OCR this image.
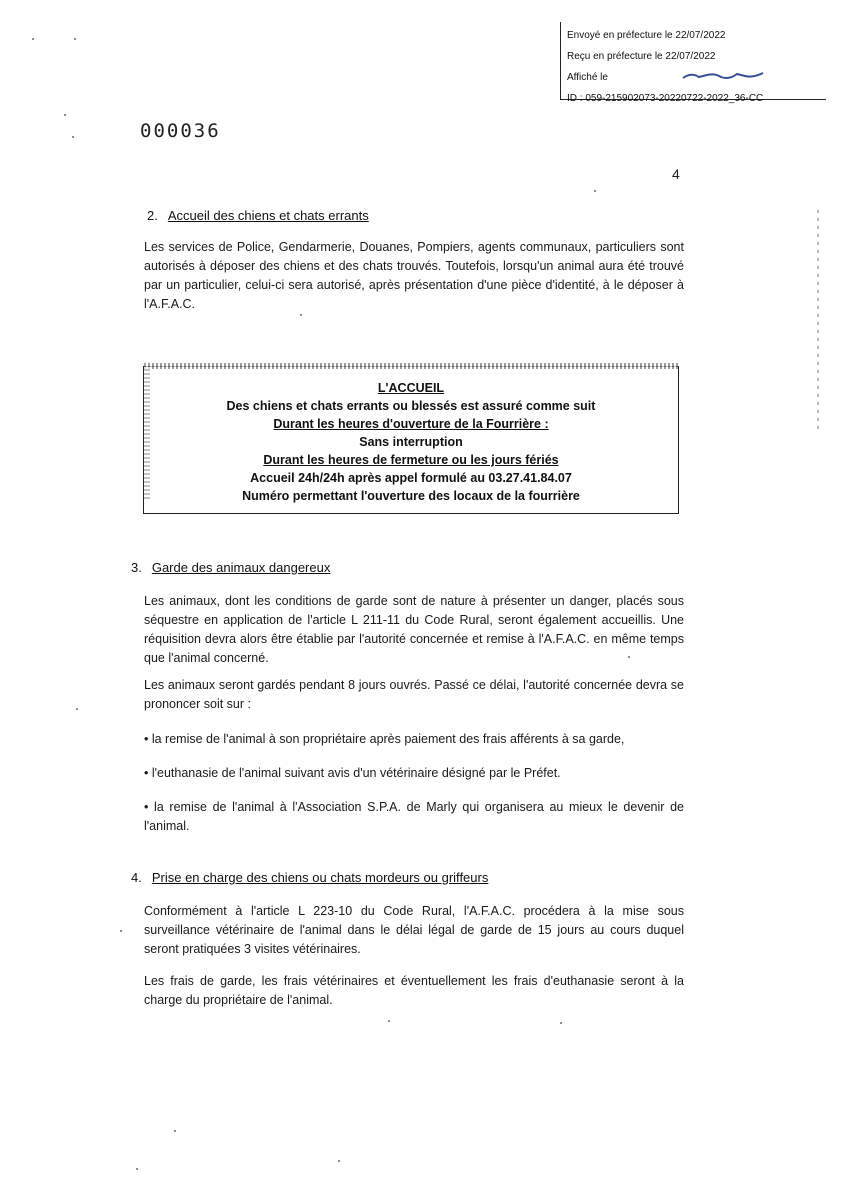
Envoyé en préfecture le 22/07/2022
Reçu en préfecture le 22/07/2022
Affiché le
ID : 059-215902073-20220722-2022_36-CC
000036
4
2. Accueil des chiens et chats errants
Les services de Police, Gendarmerie, Douanes, Pompiers, agents communaux, particuliers sont autorisés à déposer des chiens et des chats trouvés. Toutefois, lorsqu'un animal aura été trouvé par un particulier, celui-ci sera autorisé, après présentation d'une pièce d'identité, à le déposer à l'A.F.A.C.
L'ACCUEIL
Des chiens et chats errants ou blessés est assuré comme suit
Durant les heures d'ouverture de la Fourrière :
Sans interruption
Durant les heures de fermeture ou les jours fériés
Accueil 24h/24h après appel formulé au 03.27.41.84.07
Numéro permettant l'ouverture des locaux de la fourrière
3. Garde des animaux dangereux
Les animaux, dont les conditions de garde sont de nature à présenter un danger, placés sous séquestre en application de l'article L 211-11 du Code Rural, seront également accueillis. Une réquisition devra alors être établie par l'autorité concernée et remise à l'A.F.A.C. en même temps que l'animal concerné.
Les animaux seront gardés pendant 8 jours ouvrés. Passé ce délai, l'autorité concernée devra se prononcer soit sur :
• la remise de l'animal à son propriétaire après paiement des frais afférents à sa garde,
• l'euthanasie de l'animal suivant avis d'un vétérinaire désigné par le Préfet.
• la remise de l'animal à l'Association S.P.A. de Marly qui organisera au mieux le devenir de l'animal.
4. Prise en charge des chiens ou chats mordeurs ou griffeurs
Conformément à l'article L 223-10 du Code Rural, l'A.F.A.C. procédera à la mise sous surveillance vétérinaire de l'animal dans le délai légal de garde de 15 jours au cours duquel seront pratiquées 3 visites vétérinaires.
Les frais de garde, les frais vétérinaires et éventuellement les frais d'euthanasie seront à la charge du propriétaire de l'animal.
